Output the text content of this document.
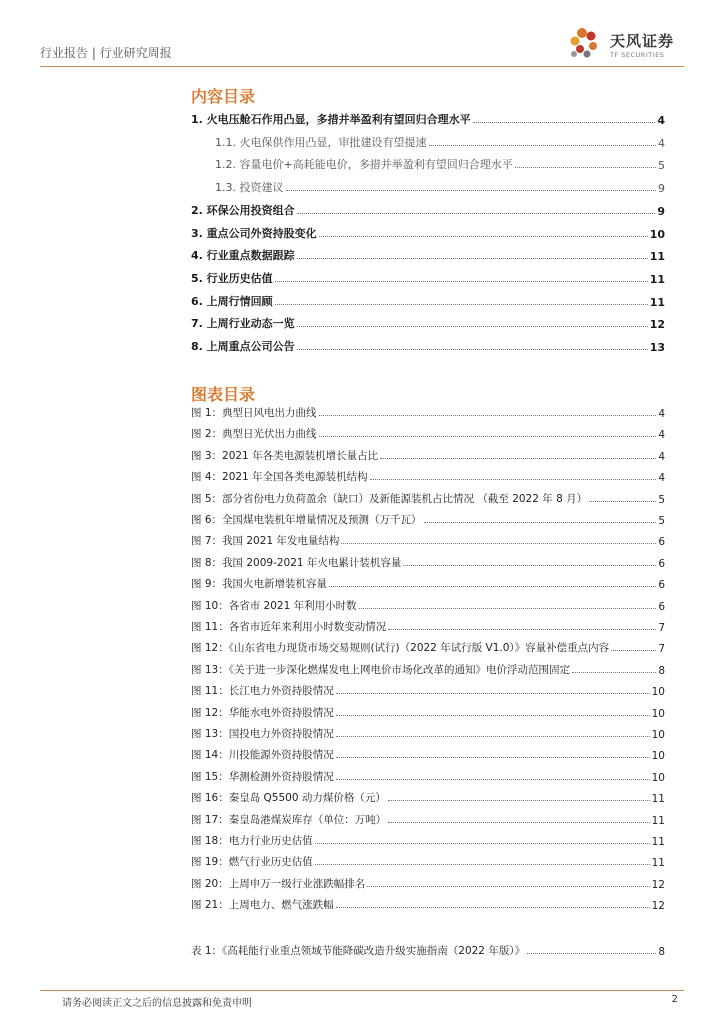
行业报告 | 行业研究周报
天风证券
TF SECURITIES
内容目录
1. 火电压舱石作用凸显，多措并举盈利有望回归合理水平	4
1.1. 火电保供作用凸显，审批建设有望提速	4
1.2. 容量电价+高耗能电价，多措并举盈利有望回归合理水平	5
1.3. 投资建议	9
2. 环保公用投资组合	9
3. 重点公司外资持股变化	10
4. 行业重点数据跟踪	11
5. 行业历史估值	11
6. 上周行情回顾	11
7. 上周行业动态一览	12
8. 上周重点公司公告	13
图表目录
图 1：典型日风电出力曲线	4
图 2：典型日光伏出力曲线	4
图 3：2021 年各类电源装机增长量占比	4
图 4：2021 年全国各类电源装机结构	4
图 5：部分省份电力负荷盈余（缺口）及新能源装机占比情况 （截至 2022 年 8 月）	5
图 6：全国煤电装机年增量情况及预测（万千瓦）	5
图 7：我国 2021 年发电量结构	6
图 8：我国 2009-2021 年火电累计装机容量	6
图 9：我国火电新增装机容量	6
图 10：各省市 2021 年利用小时数	6
图 11：各省市近年来利用小时数变动情况	7
图 12：《山东省电力现货市场交易规则(试行)（2022 年试行版 V1.0）》容量补偿重点内容	7
图 13：《关于进一步深化燃煤发电上网电价市场化改革的通知》电价浮动范围固定	8
图 11：长江电力外资持股情况	10
图 12：华能水电外资持股情况	10
图 13：国投电力外资持股情况	10
图 14：川投能源外资持股情况	10
图 15：华测检测外资持股情况	10
图 16：秦皇岛 Q5500 动力煤价格（元）	11
图 17：秦皇岛港煤炭库存（单位：万吨）	11
图 18：电力行业历史估值	11
图 19：燃气行业历史估值	11
图 20：上周申万一级行业涨跌幅排名	12
图 21：上周电力、燃气涨跌幅	12
表 1：《高耗能行业重点领域节能降碳改造升级实施指南（2022 年版）》	8
请务必阅读正文之后的信息披露和免责申明	2
